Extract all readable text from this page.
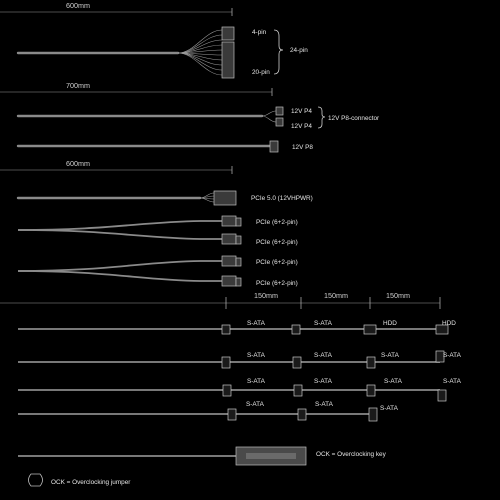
600mm
4-pin
20-pin
24-pin
700mm
12V P4
12V P4
12V P8-connector
12V P8
600mm
PCIe 5.0 (12VHPWR)
PCIe (6+2-pin)
PCIe (6+2-pin)
PCIe (6+2-pin)
PCIe (6+2-pin)
150mm	150mm	150mm
S-ATA	S-ATA	HDD	HDD
S-ATA	S-ATA	S-ATA	S-ATA
S-ATA	S-ATA	S-ATA	S-ATA
S-ATA	S-ATA
S-ATA
OCK = Overclocking key
OCK = Overclocking jumper
